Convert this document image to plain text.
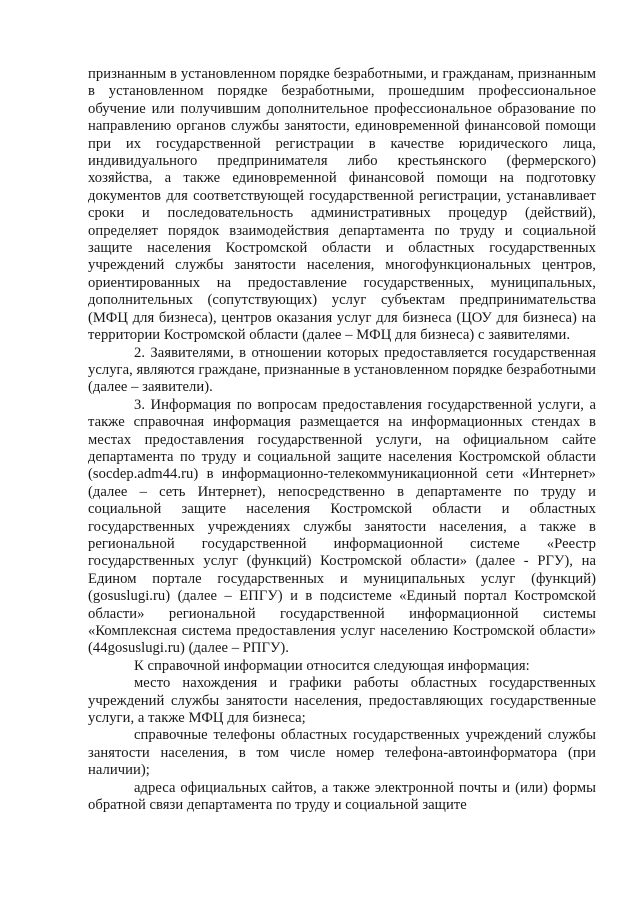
признанным в установленном порядке безработными, и гражданам, признанным в установленном порядке безработными, прошедшим профессиональное обучение или получившим дополнительное профессиональное образование по направлению органов службы занятости, единовременной финансовой помощи при их государственной регистрации в качестве юридического лица, индивидуального предпринимателя либо крестьянского (фермерского) хозяйства, а также единовременной финансовой помощи на подготовку документов для соответствующей государственной регистрации, устанавливает сроки и последовательность административных процедур (действий), определяет порядок взаимодействия департамента по труду и социальной защите населения Костромской области и областных государственных учреждений службы занятости населения, многофункциональных центров, ориентированных на предоставление государственных, муниципальных, дополнительных (сопутствующих) услуг субъектам предпринимательства (МФЦ для бизнеса), центров оказания услуг для бизнеса (ЦОУ для бизнеса) на территории Костромской области (далее – МФЦ для бизнеса) с заявителями.

2. Заявителями, в отношении которых предоставляется государственная услуга, являются граждане, признанные в установленном порядке безработными (далее – заявители).

3. Информация по вопросам предоставления государственной услуги, а также справочная информация размещается на информационных стендах в местах предоставления государственной услуги, на официальном сайте департамента по труду и социальной защите населения Костромской области (socdep.adm44.ru) в информационно-телекоммуникационной сети «Интернет» (далее – сеть Интернет), непосредственно в департаменте по труду и социальной защите населения Костромской области и областных государственных учреждениях службы занятости населения, а также в региональной государственной информационной системе «Реестр государственных услуг (функций) Костромской области» (далее - РГУ), на Едином портале государственных и муниципальных услуг (функций) (gosuslugi.ru) (далее – ЕПГУ) и в подсистеме «Единый портал Костромской области» региональной государственной информационной системы «Комплексная система предоставления услуг населению Костромской области» (44gosuslugi.ru) (далее – РПГУ).

К справочной информации относится следующая информация:

место нахождения и графики работы областных государственных учреждений службы занятости населения, предоставляющих государственные услуги, а также МФЦ для бизнеса;

справочные телефоны областных государственных учреждений службы занятости населения, в том числе номер телефона-автоинформатора (при наличии);

адреса официальных сайтов, а также электронной почты и (или) формы обратной связи департамента по труду и социальной защите
